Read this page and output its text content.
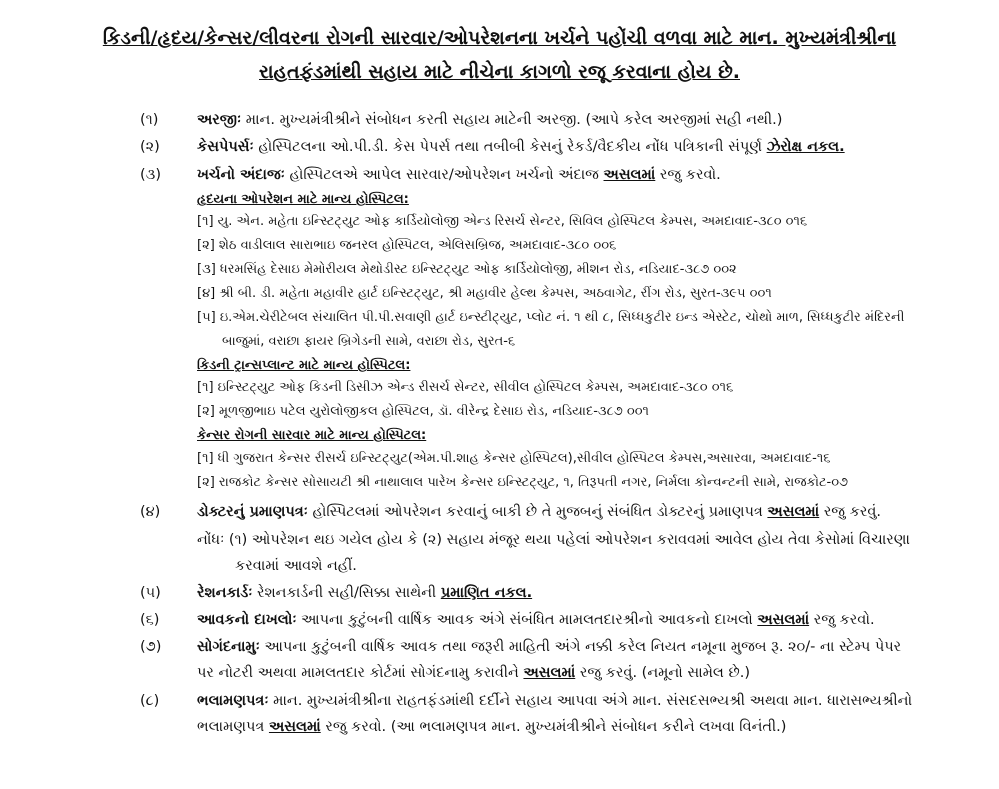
કિડની/હૃદય/કેન્સર/લીવરના રોગની સારવાર/ઓપરેશનના ખર્ચને પહોંચી વળવા માટે માન. મુખ્યમંત્રીશ્રીના
રાહતફંડમાંથી સહાય માટે નીચેના કાગળો રજૂ કરવાના હોય છે.
(૧)	અરજીઃ માન. મુખ્યમંત્રીશ્રીને સંબોધન કરતી સહાય માટેની અરજી. (આપે કરેલ અરજીમાં સહી નથી.)
(૨)	કેસપેપર્સઃ હોસ્પિટલના ઓ.પી.ડી. કેસ પેપર્સ તથા તબીબી કેસનું રેકર્ડ/વૈદકીય નોંધ પત્રિકાની સંપૂર્ણ ઝેરોક્ષ નકલ.
(૩)	ખર્ચનો અંદાજઃ હોસ્પિટલએ આપેલ સારવાર/ઓપરેશન ખર્ચનો અંદાજ અસલમાં રજુ કરવો.
હૃદયના ઓપરેશન માટે માન્ય હોસ્પિટલ:
[૧] યુ. એન. મહેતા ઇન્સ્ટિટ્યુટ ઓફ કાર્ડિયોલોજી એન્ડ રિસર્ચ સેન્ટર, સિવિલ હોસ્પિટલ કેમ્પસ, અમદાવાદ-૩૮૦ ૦૧૬
[૨] શેઠ વાડીલાલ સારાભાઇ જનરલ હોસ્પિટલ, એલિસબ્રિજ, અમદાવાદ-૩૮૦ ૦૦૬
[૩] ધરમસિંહ દેસાઇ મેમોરીયલ મેથોડીસ્ટ ઇન્સ્ટિટ્યુટ ઓફ કાર્ડિયોલોજી, મીશન રોડ, નડિયાદ-૩૮૭ ૦૦૨
[૪] શ્રી બી. ડી. મહેતા મહાવીર હાર્ટ ઇન્સ્ટિટ્યુટ, શ્રી મહાવીર હેલ્થ કેમ્પસ, અઠવાગેટ, રીંગ રોડ, સુરત-૩૯૫ ૦૦૧
[૫] ઇ.એમ.ચેરીટેબલ સંચાલિત પી.પી.સવાણી હાર્ટ ઇન્સ્ટીટ્યુટ, પ્લોટ નં. ૧ થી ૮, સિધ્ધકુટીર ઇન્ડ એસ્ટેટ, ચોથો માળ, સિધ્ધકુટીર મંદિરની
બાજુમાં, વરાછા ફાયર બ્રિગેડની સામે, વરાછા રોડ, સુરત-૬
કિડની ટ્રાન્સપ્લાન્ટ માટે માન્ય હોસ્પિટલ:
[૧] ઇન્સ્ટિટ્યુટ ઓફ કિડની ડિસીઝ એન્ડ રીસર્ચ સેન્ટર, સીવીલ હોસ્પિટલ કેમ્પસ, અમદાવાદ-૩૮૦ ૦૧૬
[૨] મૂળજીભાઇ પટેલ યુરોલોજીકલ હોસ્પિટલ, ડૉ. વીરેન્દ્ર દેસાઇ રોડ, નડિયાદ-૩૮૭ ૦૦૧
કેન્સર રોગની સારવાર માટે માન્ય હોસ્પિટલ:
[૧] ધી ગુજરાત કેન્સર રીસર્ચ ઇન્સ્ટિટ્યુટ(એમ.પી.શાહ કેન્સર હોસ્પિટલ),સીવીલ હોસ્પિટલ કેમ્પસ,અસારવા, અમદાવાદ-૧૬
[૨] રાજકોટ કેન્સર સોસાયટી શ્રી નાથાલાલ પારેખ કેન્સર ઇન્સ્ટિટ્યુટ, ૧, તિરૂપતી નગર, નિર્મલા કોન્વન્ટની સામે, રાજકોટ-૦૭
(૪)	ડોક્ટરનું પ્રમાણપત્રઃ હોસ્પિટલમાં ઓપરેશન કરવાનું બાકી છે તે મુજબનું સંબંધિત ડોક્ટરનું પ્રમાણપત્ર અસલમાં રજુ કરવું.
નોંધઃ (૧) ઓપરેશન થઇ ગયેલ હોય કે (૨) સહાય મંજૂર થયા પહેલાં ઓપરેશન કરાવવમાં આવેલ હોય તેવા કેસોમાં વિચારણા
કરવામાં આવશે નહીં.
(૫)	રેશનકાર્ડઃ રેશનકાર્ડની સહી/સિક્કા સાથેની પ્રમાણિત નકલ.
(૬)	આવકનો દાખલોઃ આપના કુટુંબની વાર્ષિક આવક અંગે સંબંધિત મામલતદારશ્રીનો આવકનો દાખલો અસલમાં રજુ કરવો.
(૭)	સોગંદનામુઃ આપના કુટુંબની વાર્ષિક આવક તથા જરૂરી માહિતી અંગે નક્કી કરેલ નિયત નમૂના મુજબ રૂ. ૨૦/- ના સ્ટેમ્પ પેપર
પર નોટરી અથવા મામલતદાર કોર્ટમાં સોગંદનામુ કરાવીને અસલમાં રજુ કરવું. (નમૂનો સામેલ છે.)
(૮)	ભલામણપત્રઃ માન. મુખ્યમંત્રીશ્રીના રાહતફંડમાંથી દર્દીને સહાય આપવા અંગે માન. સંસદસભ્યશ્રી અથવા માન. ધારાસભ્યશ્રીનો
ભલામણપત્ર અસલમાં રજુ કરવો. (આ ભલામણપત્ર માન. મુખ્યમંત્રીશ્રીને સંબોધન કરીને લખવા વિનંતી.)
